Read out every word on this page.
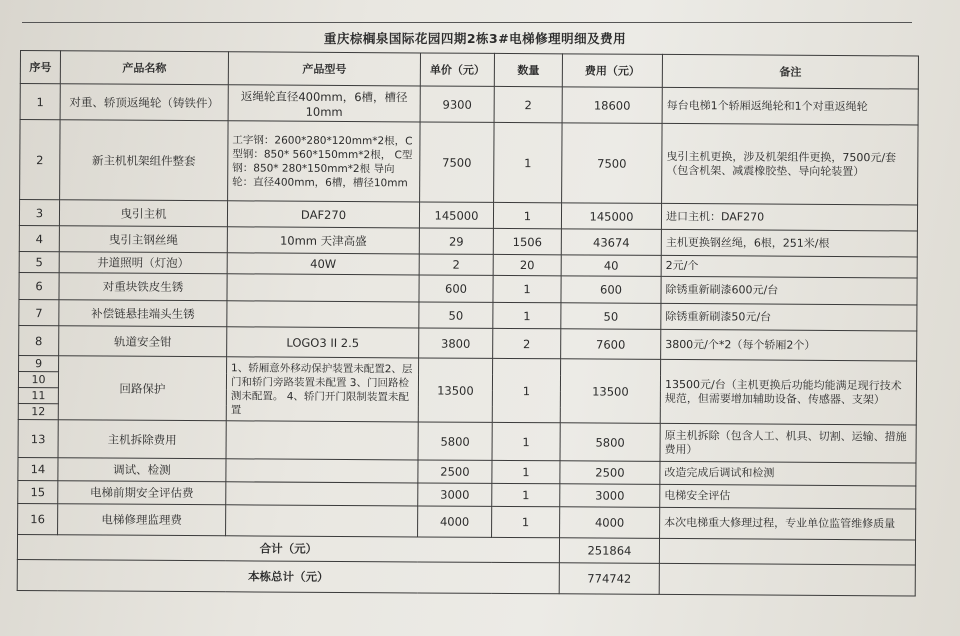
重庆棕榈泉国际花园四期2栋3#电梯修理明细及费用
序号	产品名称	产品型号	单价（元）	数量	费用（元）	备注
1	对重、轿顶返绳轮（铸铁件）	返绳轮直径400mm，6槽，槽径10mm	9300	2	18600	每台电梯1个轿厢返绳轮和1个对重返绳轮
2	新主机机架组件整套	工字钢：2600*280*120mm*2根，C型钢：850* 560*150mm*2根， C型钢：850* 280*150mm*2根 导向轮：直径400mm，6槽，槽径10mm	7500	1	7500	曳引主机更换，涉及机架组件更换，7500元/套（包含机架、减震橡胶垫、导向轮装置）
3	曳引主机	DAF270	145000	1	145000	进口主机：DAF270
4	曳引主钢丝绳	10mm 天津高盛	29	1506	43674	主机更换钢丝绳，6根，251米/根
5	井道照明（灯泡）	40W	2	20	40	2元/个
6	对重块铁皮生锈		600	1	600	除锈重新刷漆600元/台
7	补偿链悬挂端头生锈		50	1	50	除锈重新刷漆50元/台
8	轨道安全钳	LOGO3 II 2.5	3800	2	7600	3800元/个*2（每个轿厢2个）
9	回路保护	1、轿厢意外移动保护装置未配置2、层门和轿门旁路装置未配置 3、门回路检测未配置。 4、轿门开门限制装置未配置	13500	1	13500	13500元/台（主机更换后功能均能满足现行技术规范，但需要增加辅助设备、传感器、支架）
10						
11						
12						
13	主机拆除费用		5800	1	5800	原主机拆除（包含人工、机具、切割、运输、措施费用）
14	调试、检测		2500	1	2500	改造完成后调试和检测
15	电梯前期安全评估费		3000	1	3000	电梯安全评估
16	电梯修理监理费		4000	1	4000	本次电梯重大修理过程，专业单位监管维修质量
合计（元）					251864	
本栋总计（元）					774742	
